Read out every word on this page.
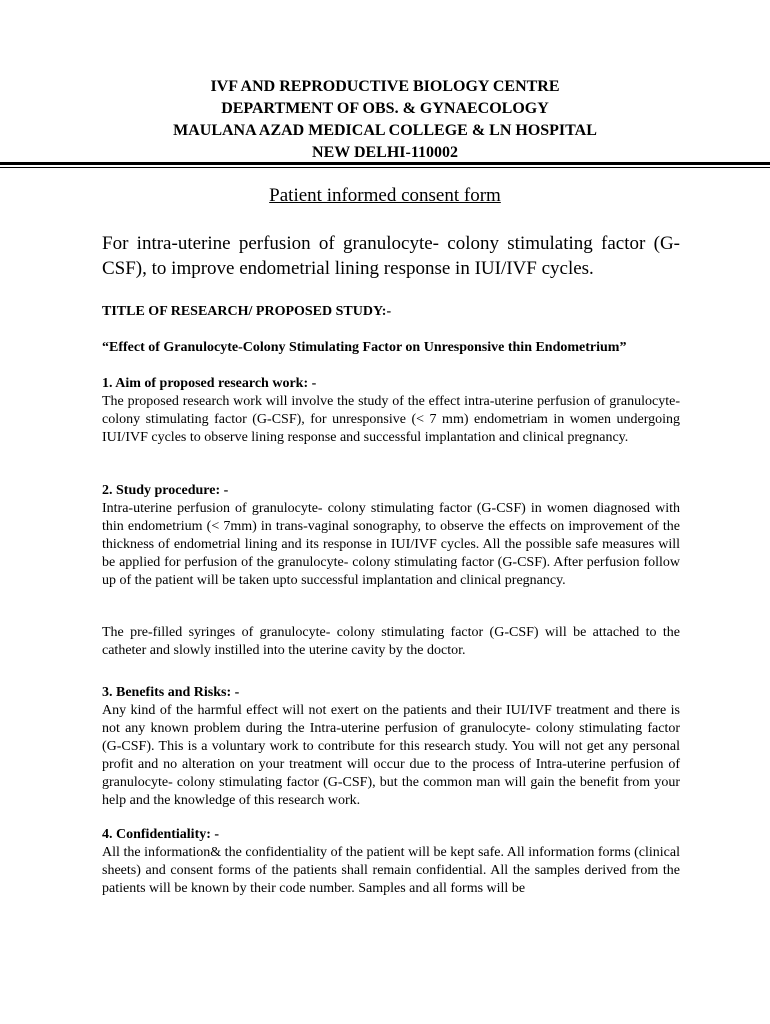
IVF AND REPRODUCTIVE BIOLOGY CENTRE
DEPARTMENT OF OBS. & GYNAECOLOGY
MAULANA AZAD MEDICAL COLLEGE & LN HOSPITAL
NEW DELHI-110002
Patient informed consent form
For intra-uterine perfusion of granulocyte- colony stimulating factor (G-CSF), to improve endometrial lining response in IUI/IVF cycles.
TITLE OF RESEARCH/ PROPOSED STUDY:-
“Effect of Granulocyte-Colony Stimulating Factor on Unresponsive thin Endometrium”
1. Aim of proposed research work: -
The proposed research work will involve the study of the effect intra-uterine perfusion of granulocyte- colony stimulating factor (G-CSF), for unresponsive (< 7 mm) endometriam in women undergoing IUI/IVF cycles to observe lining response and successful implantation and clinical pregnancy.
2. Study procedure: -
Intra-uterine perfusion of granulocyte- colony stimulating factor (G-CSF) in women diagnosed with thin endometrium (< 7mm) in trans-vaginal sonography, to observe the effects on improvement of the thickness of endometrial lining and its response in IUI/IVF cycles. All the possible safe measures will be applied for perfusion of the granulocyte- colony stimulating factor (G-CSF). After perfusion follow up of the patient will be taken upto successful implantation and clinical pregnancy.
The pre-filled syringes of granulocyte- colony stimulating factor (G-CSF) will be attached to the catheter and slowly instilled into the uterine cavity by the doctor.
3. Benefits and Risks: -
Any kind of the harmful effect will not exert on the patients and their IUI/IVF treatment and there is not any known problem during the Intra-uterine perfusion of granulocyte- colony stimulating factor (G-CSF). This is a voluntary work to contribute for this research study. You will not get any personal profit and no alteration on your treatment will occur due to the process of Intra-uterine perfusion of granulocyte- colony stimulating factor (G-CSF), but the common man will gain the benefit from your help and the knowledge of this research work.
4. Confidentiality: -
All the information& the confidentiality of the patient will be kept safe. All information forms (clinical sheets) and consent forms of the patients shall remain confidential. All the samples derived from the patients will be known by their code number. Samples and all forms will be
